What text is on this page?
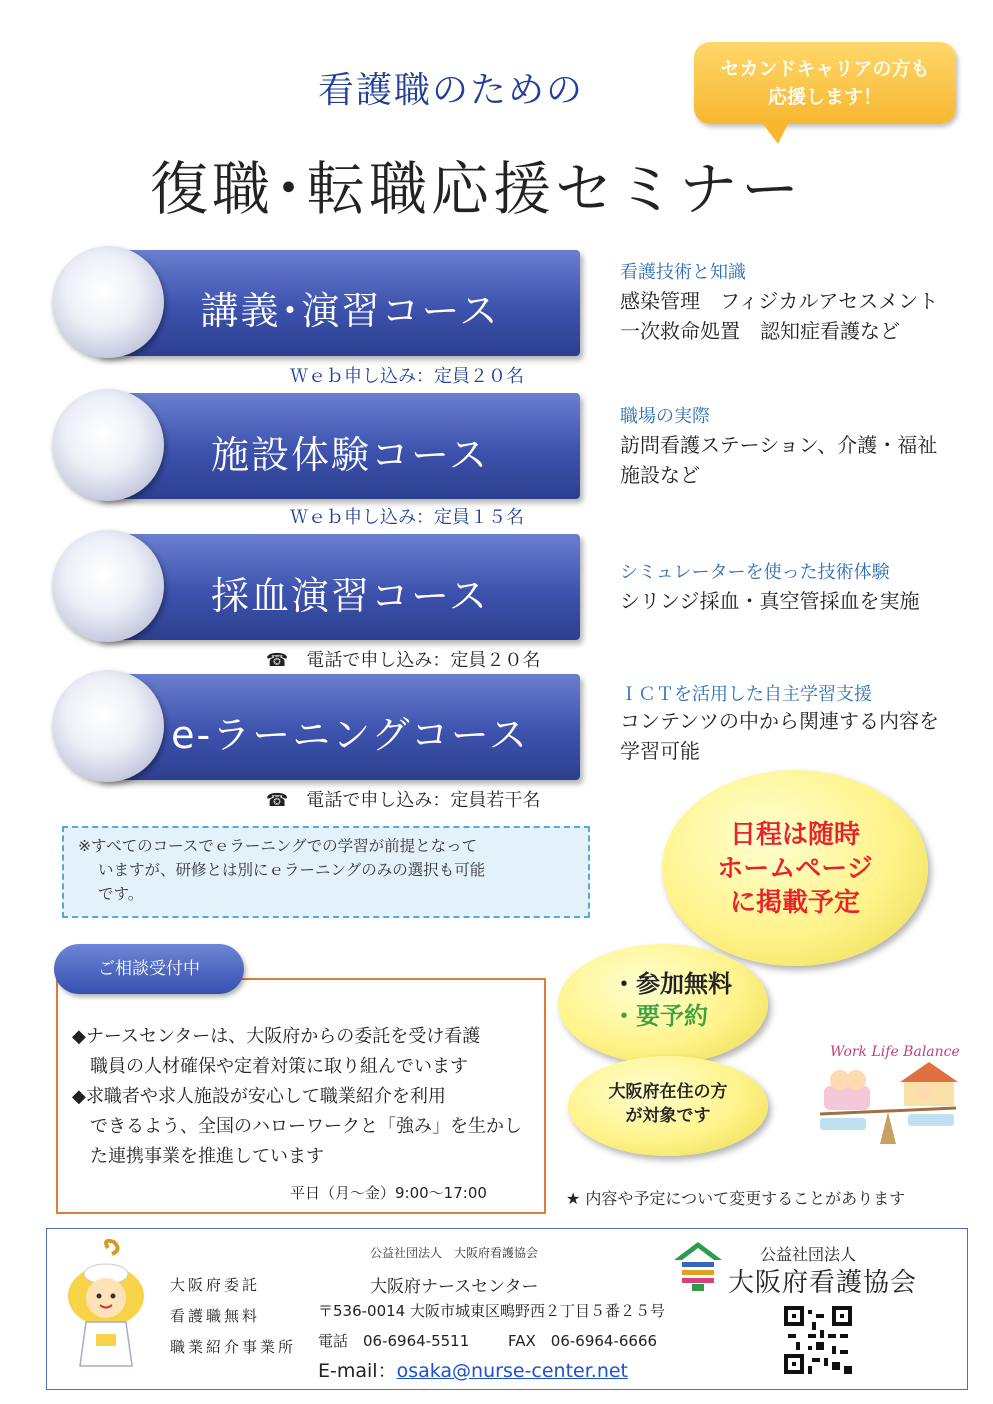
看護職のための
セカンドキャリアの方も
応援します！
復職･転職応援セミナー
講義･演習コース
Ｗｅｂ申し込み：定員２０名
看護技術と知識
感染管理　フィジカルアセスメント
一次救命処置　認知症看護など
施設体験コース
Ｗｅｂ申し込み：定員１５名
職場の実際
訪問看護ステーション、介護・福祉
施設など
採血演習コース
☎　電話で申し込み：定員２０名
シミュレーターを使った技術体験
シリンジ採血・真空管採血を実施
e-ラーニングコース
☎　電話で申し込み：定員若干名
ＩＣＴを活用した自主学習支援
コンテンツの中から関連する内容を
学習可能
※すべてのコースでｅラーニングでの学習が前提となって
いますが、研修とは別にｅラーニングのみの選択も可能
です。
日程は随時
ホームページ
に掲載予定
・参加無料
・要予約
大阪府在住の方
が対象です
Work Life Balance
ご相談受付中
◆ナースセンターは、大阪府からの委託を受け看護
職員の人材確保や定着対策に取り組んでいます
◆求職者や求人施設が安心して職業紹介を利用
できるよう、全国のハローワークと「強み」を生かし
た連携事業を推進しています
平日（月～金）9:00～17:00	★ 内容や予定について変更することがあります
大阪府委託
看護職無料
職業紹介事業所
公益社団法人　大阪府看護協会
大阪府ナースセンター
〒536-0014 大阪市城東区鴫野西２丁目５番２５号
電話　06-6964-5511	FAX　06-6964-6666
E-mail：osaka@nurse-center.net
公益社団法人
大阪府看護協会
